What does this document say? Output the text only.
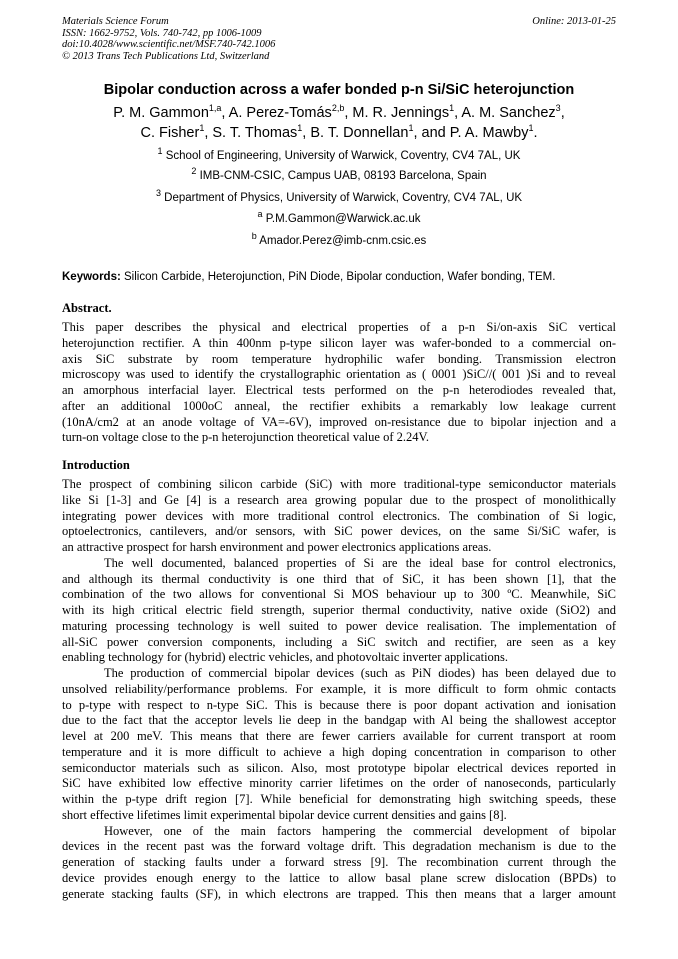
Materials Science Forum
ISSN: 1662-9752, Vols. 740-742, pp 1006-1009
doi:10.4028/www.scientific.net/MSF.740-742.1006
© 2013 Trans Tech Publications Ltd, Switzerland
Online: 2013-01-25
Bipolar conduction across a wafer bonded p-n Si/SiC heterojunction
P. M. Gammon$^{1,a}$, A. Perez-Tomás$^{2,b}$, M. R. Jennings$^1$, A. M. Sanchez$^3$,
C. Fisher$^1$, S. T. Thomas$^1$, B. T. Donnellan$^1$, and P. A. Mawby$^1$.
$^1$ School of Engineering, University of Warwick, Coventry, CV4 7AL, UK
$^2$ IMB-CNM-CSIC, Campus UAB, 08193 Barcelona, Spain
$^3$ Department of Physics, University of Warwick, Coventry, CV4 7AL, UK
$^a$ P.M.Gammon@Warwick.ac.uk
$^b$ Amador.Perez@imb-cnm.csic.es
Keywords: Silicon Carbide, Heterojunction, PiN Diode, Bipolar conduction, Wafer bonding, TEM.
Abstract.
This paper describes the physical and electrical properties of a p-n Si/on-axis SiC vertical
heterojunction rectifier. A thin 400nm p-type silicon layer was wafer-bonded to a commercial on-
axis SiC substrate by room temperature hydrophilic wafer bonding. Transmission electron
microscopy was used to identify the crystallographic orientation as ( 0001 )SiC//( 001 )Si and to reveal
an amorphous interfacial layer. Electrical tests performed on the p-n heterodiodes revealed that,
after an additional 1000oC anneal, the rectifier exhibits a remarkably low leakage current
(10nA/cm2 at an anode voltage of VA=-6V), improved on-resistance due to bipolar injection and a
turn-on voltage close to the p-n heterojunction theoretical value of 2.24V.
Introduction
The prospect of combining silicon carbide (SiC) with more traditional-type semiconductor materials
like Si [1-3] and Ge [4] is a research area growing popular due to the prospect of monolithically
integrating power devices with more traditional control electronics. The combination of Si logic,
optoelectronics, cantilevers, and/or sensors, with SiC power devices, on the same Si/SiC wafer, is
an attractive prospect for harsh environment and power electronics applications areas.
The well documented, balanced properties of Si are the ideal base for control electronics,
and although its thermal conductivity is one third that of SiC, it has been shown [1], that the
combination of the two allows for conventional Si MOS behaviour up to 300 ºC. Meanwhile, SiC
with its high critical electric field strength, superior thermal conductivity, native oxide (SiO2) and
maturing processing technology is well suited to power device realisation. The implementation of
all-SiC power conversion components, including a SiC switch and rectifier, are seen as a key
enabling technology for (hybrid) electric vehicles, and photovoltaic inverter applications.
The production of commercial bipolar devices (such as PiN diodes) has been delayed due to
unsolved reliability/performance problems. For example, it is more difficult to form ohmic contacts
to p-type with respect to n-type SiC. This is because there is poor dopant activation and ionisation
due to the fact that the acceptor levels lie deep in the bandgap with Al being the shallowest acceptor
level at 200 meV. This means that there are fewer carriers available for current transport at room
temperature and it is more difficult to achieve a high doping concentration in comparison to other
semiconductor materials such as silicon. Also, most prototype bipolar electrical devices reported in
SiC have exhibited low effective minority carrier lifetimes on the order of nanoseconds, particularly
within the p-type drift region [7]. While beneficial for demonstrating high switching speeds, these
short effective lifetimes limit experimental bipolar device current densities and gains [8].
However, one of the main factors hampering the commercial development of bipolar
devices in the recent past was the forward voltage drift. This degradation mechanism is due to the
generation of stacking faults under a forward stress [9]. The recombination current through the
device provides enough energy to the lattice to allow basal plane screw dislocation (BPDs) to
generate stacking faults (SF), in which electrons are trapped. This then means that a larger amount
